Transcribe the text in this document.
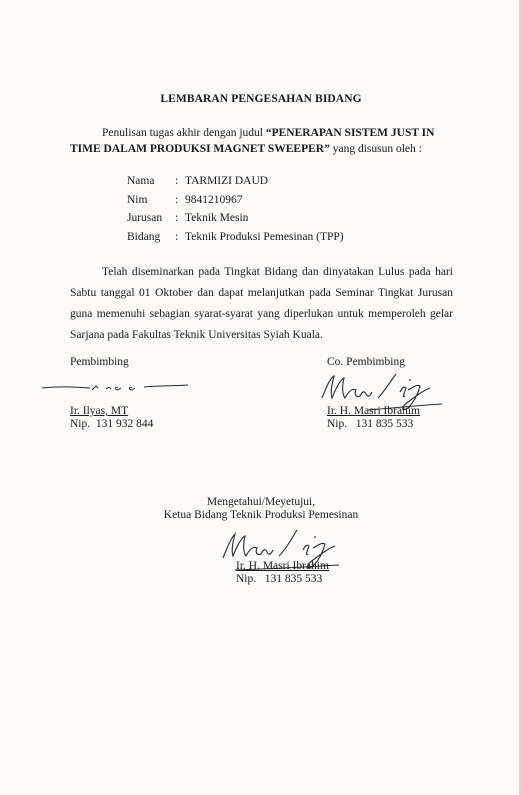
LEMBARAN PENGESAHAN BIDANG
Penulisan tugas akhir dengan judul “PENERAPAN SISTEM JUST IN TIME DALAM PRODUKSI MAGNET SWEEPER” yang disusun oleh :
Nama : TARMIZI DAUD
Nim : 9841210967
Jurusan : Teknik Mesin
Bidang : Teknik Produksi Pemesinan (TPP)
Telah diseminarkan pada Tingkat Bidang dan dinyatakan Lulus pada hari Sabtu tanggal 01 Oktober dan dapat melanjutkan pada Seminar Tingkat Jurusan guna memenuhi sebagian syarat-syarat yang diperlukan untuk memperoleh gelar Sarjana pada Fakultas Teknik Universitas Syiah Kuala.
Pembimbing
Ir. Ilyas, MT
Nip.  131 932 844
Co. Pembimbing
Ir. H. Masri Ibrahim
Nip.   131 835 533
Mengetahui/Meyetujui,
Ketua Bidang Teknik Produksi Pemesinan
Ir. H. Masri Ibrahim
Nip.   131 835 533
